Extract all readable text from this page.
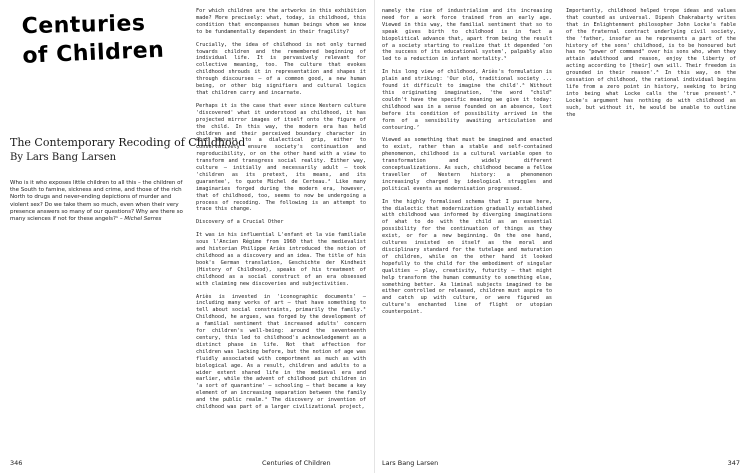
Centuries
of Children
The Contemporary Recoding of Childhood
By Lars Bang Larsen
Who is it who exposes little children to all this – the children of the South to famine, sickness and crime, and those of the rich North to drugs and never-ending depictions of murder and violent sex? Do we take them so much, even when their very presence answers so many of our questions? Why are there so many sciences if not for these angels?¹ – Michel Serres

For which children are the artworks in this exhibition made? More precisely: what, today, is childhood, this condition that encompasses human beings whom we know to be fundamentally dependent in their fragility?

Crucially, the idea of childhood is not only turned towards children and the remembered beginning of individual life. It is pervasively relevant for collective meaning, too. The culture that evokes childhood shrouds it in representation and shapes it through discourses – of a common good, a new human being, or other big signifiers and cultural logics that children carry and incarnate.

Perhaps it is the case that ever since Western culture 'discovered' what it understood as childhood, it has projected mirror images of itself onto the figure of the child. In this way, the modern era has held children and their perceived boundary character in what amounts to a dialectical grip, either to conservatively ensure society's continuation and reproducibility, or on the other hand with a view to transform and transgress social reality. Either way, culture – initially and necessarily adult – took 'children as its pretext, its means, and its guarantee', to quote Michel de Certeau.² Like many imaginaries forged during the modern era, however, that of childhood, too, seems to now be undergoing a process of recoding. The following is an attempt to trace this change.

Discovery of a Crucial Other

It was in his influential L'enfant et la vie familiale sous l'Ancien Régime from 1960 that the medievalist and historian Philippe Ariès introduced the notion of childhood as a discovery and an idea. The title of his book's German translation, Geschichte der Kindheit (History of Childhood), speaks of his treatment of childhood as a social construct of an era obsessed with claiming new discoveries and subjectivities.

Ariès is invested in 'iconographic documents' – including many works of art – that have something to tell about social constraints, primarily the family.³ Childhood, he argues, was forged by the development of a familial sentiment that increased adults' concern for children's well-being: around the seventeenth century, this led to childhood's acknowledgement as a distinct phase in life. Not that affection for children was lacking before, but the notion of age was fluidly associated with comportment as much as with biological age. As a result, children and adults to a wider extent shared life in the medieval era and earlier, while the advent of childhood put children in 'a sort of quarantine' – schooling – that became a key element of an increasing separation between the family and the public realm.⁴ The discovery or invention of childhood was part of a larger civilizational project,

346	Centuries of Children

namely the rise of industrialism and its increasing need for a work force trained from an early age. Viewed in this way, the familial sentiment that so to speak gives birth to childhood is in fact a biopolitical advance that, apart from being the result of a society starting to realize that it depended 'on the success of its educational system', palpably also led to a reduction in infant mortality.⁵

In his long view of childhood, Ariès's formulation is plain and striking: 'Our old, traditional society ... found it difficult to imagine the child'.⁶ Without this originating imagination, 'the word "child" couldn't have the specific meaning we give it today: childhood was in a sense founded on an absence, lost before its condition of possibility arrived in the form of a sensibility awaiting articulation and contouring.⁷

Viewed as something that must be imagined and enacted to exist, rather than a stable and self-contained phenomenon, childhood is a cultural variable open to transformation and widely different conceptualizations. As such, childhood became a fellow traveller of Western history: a phenomenon increasingly charged by ideological struggles and political events as modernisation progressed.

In the highly formalised schema that I pursue here, the dialectic that modernization gradually established with childhood was informed by diverging imaginations of what to do with the child as an essential possibility for the continuation of things as they exist, or for a new beginning. On the one hand, cultures insisted on itself as the moral and disciplinary standard for the tutelage and maturation of children, while on the other hand it looked hopefully to the child for the embodiment of singular qualities – play, creativity, futurity – that might help transform the human community to something else, something better. As liminal subjects imagined to be either controlled or released, children must aspire to and catch up with culture, or were figured as culture's enchanted line of flight or utopian counterpoint.

Importantly, childhood helped trope ideas and values that counted as universal. Dipesh Chakrabarty writes that in Enlightenment philosopher John Locke's fable of the fraternal contract underlying civil society, the 'father, insofar as he represents a part of the history of the sons' childhood, is to be honoured but has no "power of command" over his sons who, when they attain adulthood and reason, enjoy the liberty of acting according to [their] own will. Their freedom is grounded in their reason'.⁸ In this way, on the cessation of childhood, the rational individual begins life from a zero point in history, seeking to bring into being what Locke calls the 'true present'.⁹ Locke's argument has nothing do with childhood as such, but without it, he would be unable to outline the

Lars Bang Larsen	347
